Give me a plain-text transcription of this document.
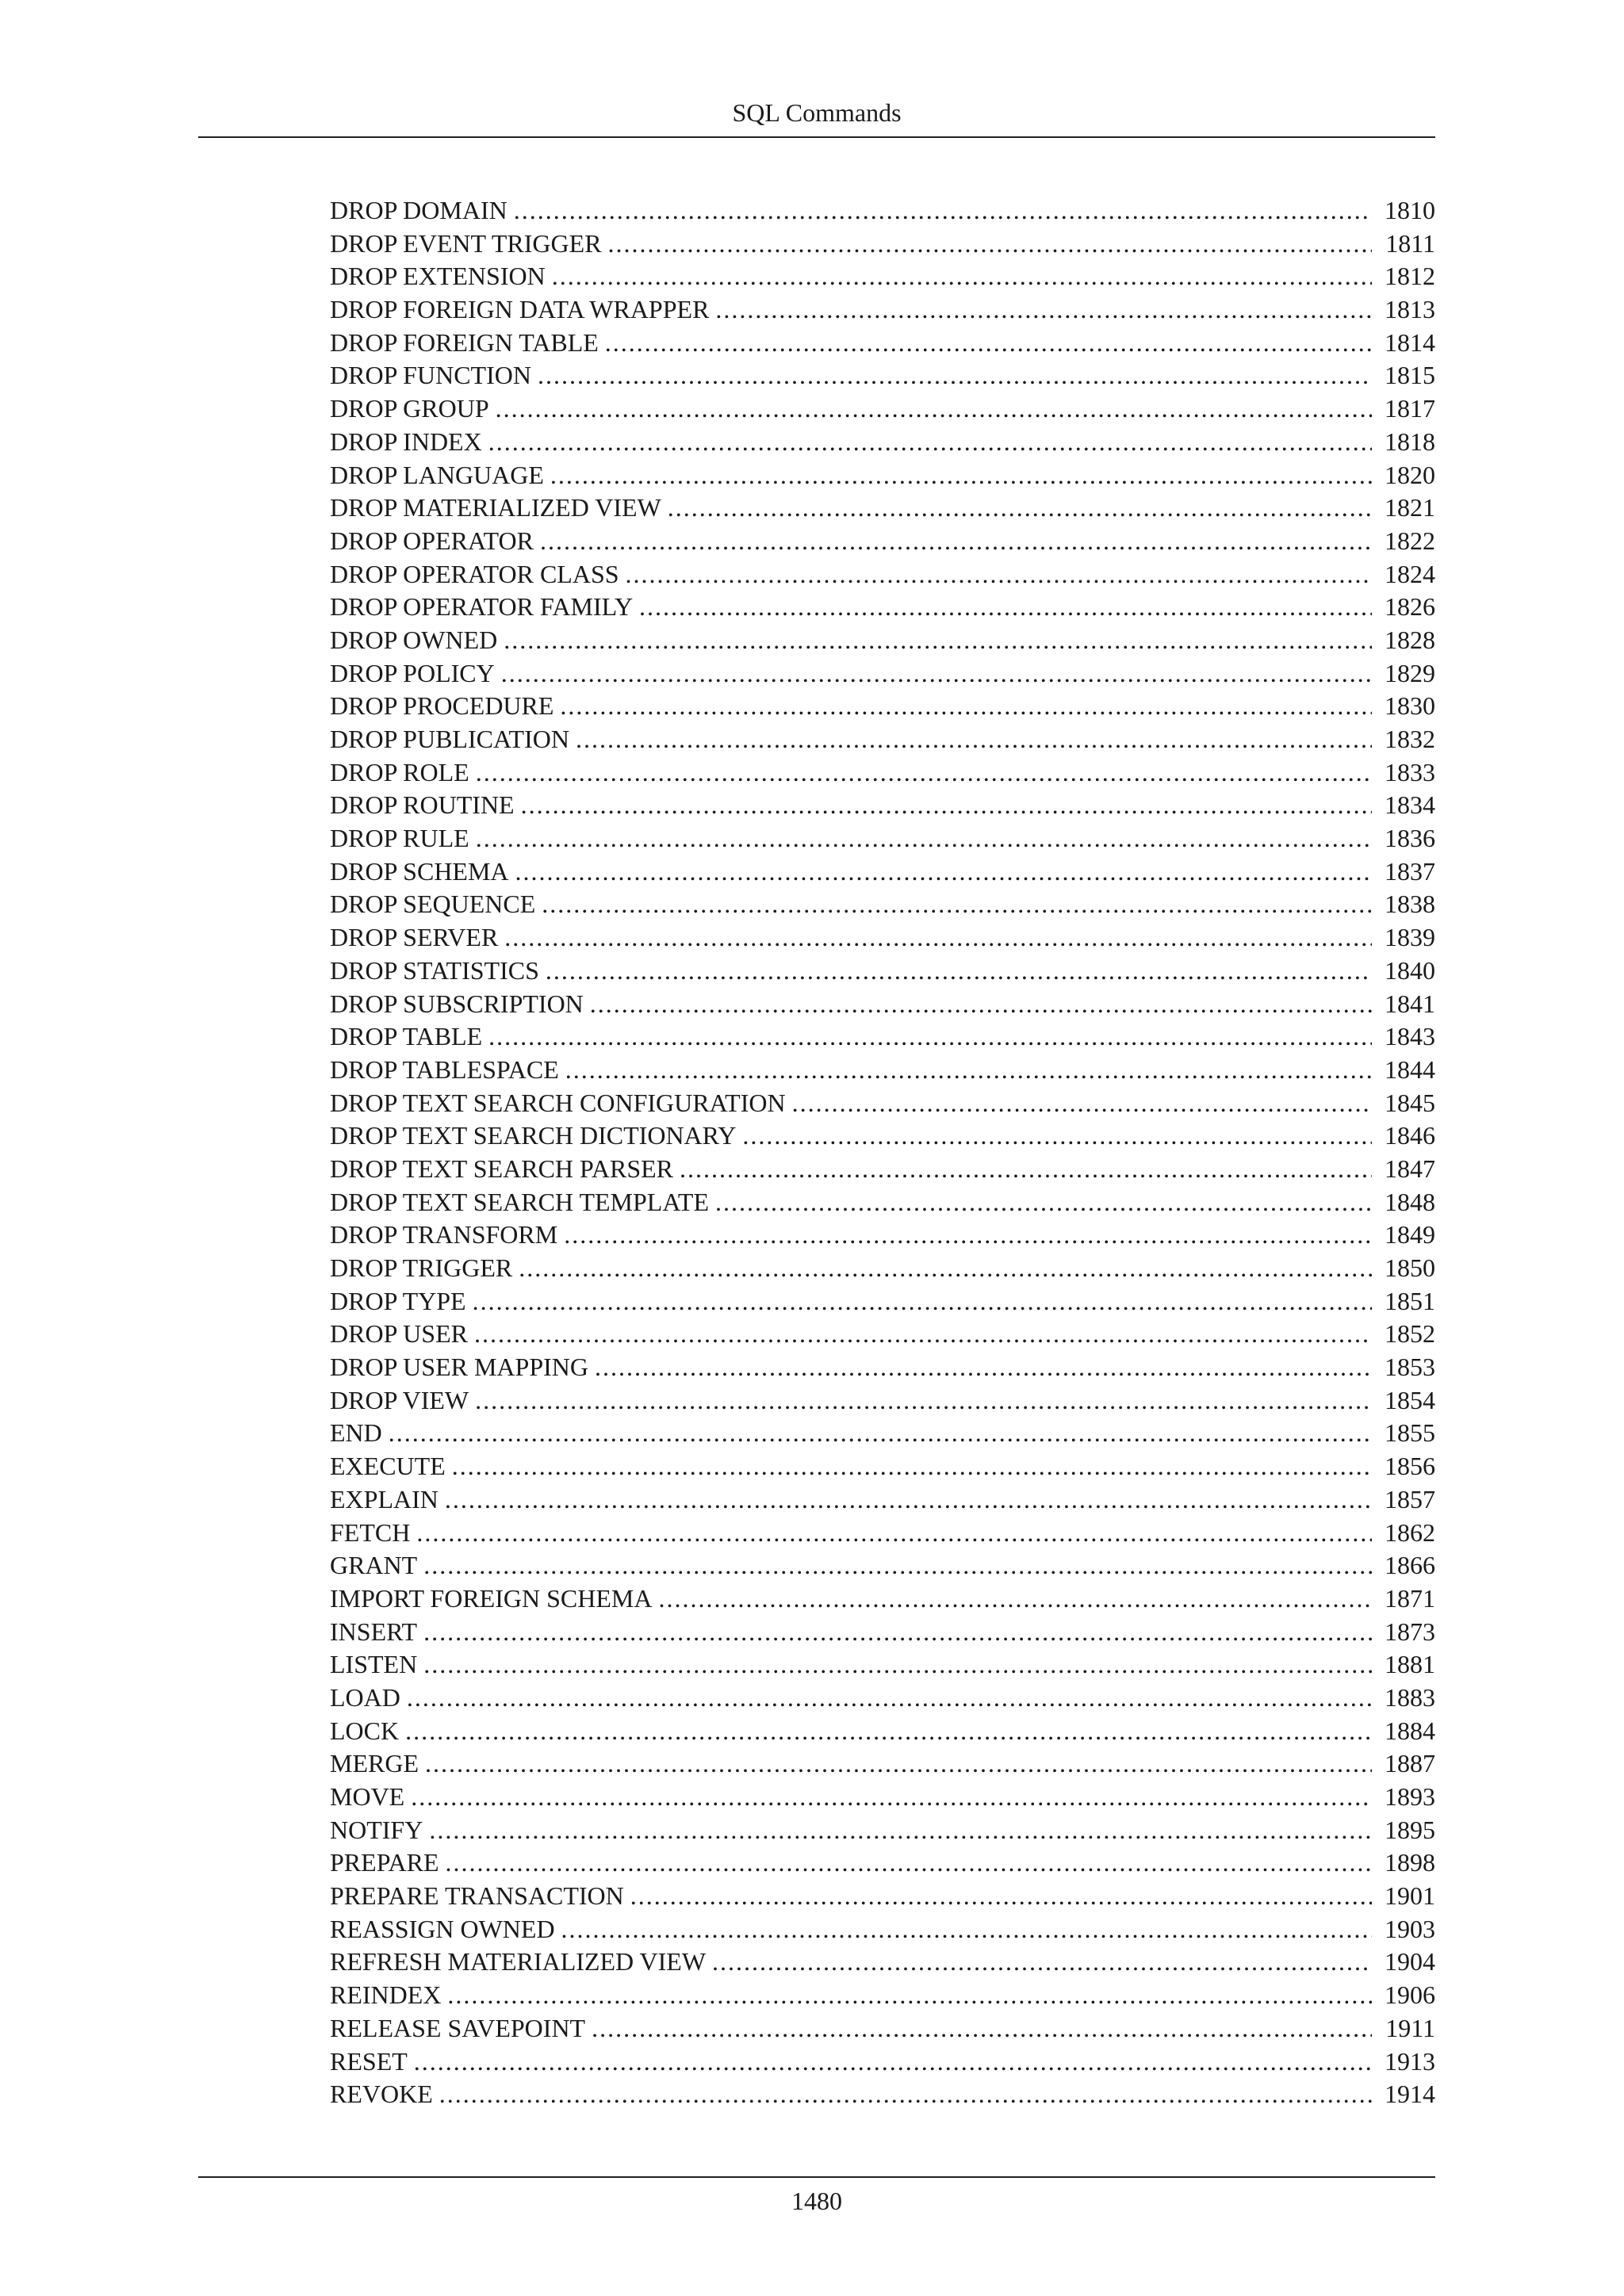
SQL Commands
DROP DOMAIN . . .	1810
DROP EVENT TRIGGER . . .	1811
DROP EXTENSION . . .	1812
DROP FOREIGN DATA WRAPPER . . .	1813
DROP FOREIGN TABLE . . .	1814
DROP FUNCTION . . .	1815
DROP GROUP . . .	1817
DROP INDEX . . .	1818
DROP LANGUAGE . . .	1820
DROP MATERIALIZED VIEW . . .	1821
DROP OPERATOR . . .	1822
DROP OPERATOR CLASS . . .	1824
DROP OPERATOR FAMILY . . .	1826
DROP OWNED . . .	1828
DROP POLICY . . .	1829
DROP PROCEDURE . . .	1830
DROP PUBLICATION . . .	1832
DROP ROLE . . .	1833
DROP ROUTINE . . .	1834
DROP RULE . . .	1836
DROP SCHEMA . . .	1837
DROP SEQUENCE . . .	1838
DROP SERVER . . .	1839
DROP STATISTICS . . .	1840
DROP SUBSCRIPTION . . .	1841
DROP TABLE . . .	1843
DROP TABLESPACE . . .	1844
DROP TEXT SEARCH CONFIGURATION . . .	1845
DROP TEXT SEARCH DICTIONARY . . .	1846
DROP TEXT SEARCH PARSER . . .	1847
DROP TEXT SEARCH TEMPLATE . . .	1848
DROP TRANSFORM . . .	1849
DROP TRIGGER . . .	1850
DROP TYPE . . .	1851
DROP USER . . .	1852
DROP USER MAPPING . . .	1853
DROP VIEW . . .	1854
END . . .	1855
EXECUTE . . .	1856
EXPLAIN . . .	1857
FETCH . . .	1862
GRANT . . .	1866
IMPORT FOREIGN SCHEMA . . .	1871
INSERT . . .	1873
LISTEN . . .	1881
LOAD . . .	1883
LOCK . . .	1884
MERGE . . .	1887
MOVE . . .	1893
NOTIFY . . .	1895
PREPARE . . .	1898
PREPARE TRANSACTION . . .	1901
REASSIGN OWNED . . .	1903
REFRESH MATERIALIZED VIEW . . .	1904
REINDEX . . .	1906
RELEASE SAVEPOINT . . .	1911
RESET . . .	1913
REVOKE . . .	1914
1480
